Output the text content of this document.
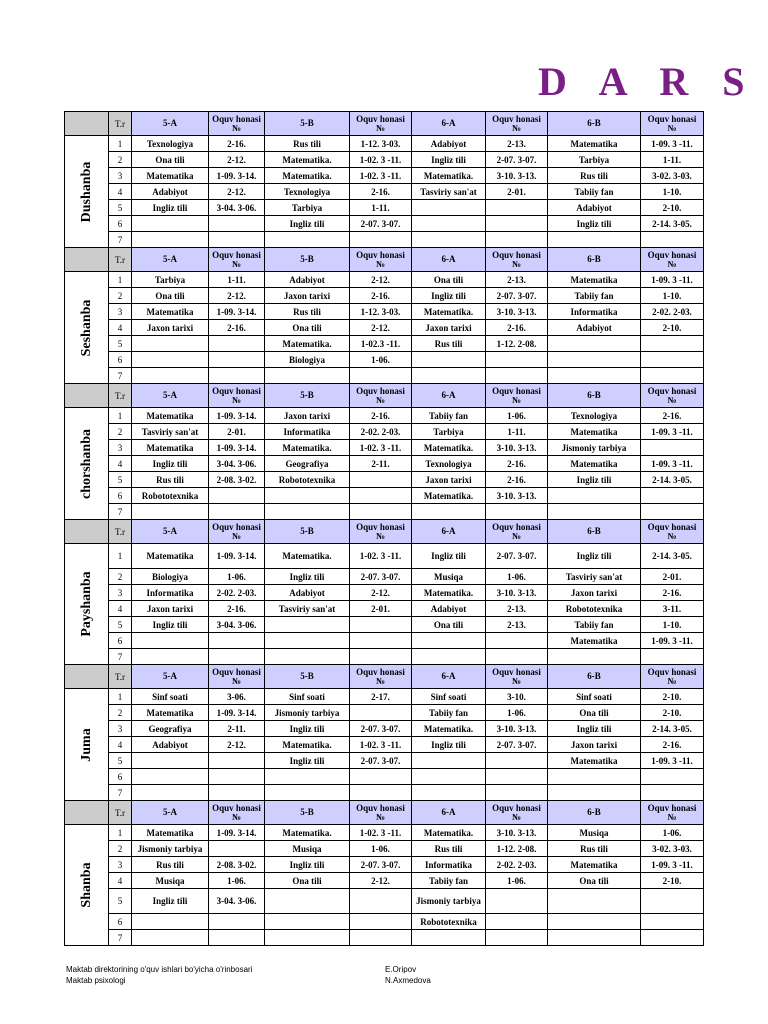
D A R S
	T.r	5-A	Oquv honasi №	5-B	Oquv honasi №	6-A	Oquv honasi №	6-B	Oquv honasi №

Dushanba	1	Texnologiya	2-16.	Rus tili	1-12. 3-03.	Adabiyot	2-13.	Matematika	1-09. 3 -11.
	2	Ona tili	2-12.	Matematika.	1-02. 3 -11.	Ingliz tili	2-07. 3-07.	Tarbiya	1-11.
	3	Matematika	1-09. 3-14.	Matematika.	1-02. 3 -11.	Matematika.	3-10. 3-13.	Rus tili	3-02. 3-03.
	4	Adabiyot	2-12.	Texnologiya	2-16.	Tasviriy san'at	2-01.	Tabiiy fan	1-10.
	5	Ingliz tili	3-04. 3-06.	Tarbiya	1-11.			Adabiyot	2-10.
	6			Ingliz tili	2-07. 3-07.			Ingliz tili	2-14. 3-05.
	7								
	T.r	5-A	Oquv honasi №	5-B	Oquv honasi №	6-A	Oquv honasi №	6-B	Oquv honasi №

Seshanba	1	Tarbiya	1-11.	Adabiyot	2-12.	Ona tili	2-13.	Matematika	1-09. 3 -11.
	2	Ona tili	2-12.	Jaxon tarixi	2-16.	Ingliz tili	2-07. 3-07.	Tabiiy fan	1-10.
	3	Matematika	1-09. 3-14.	Rus tili	1-12. 3-03.	Matematika.	3-10. 3-13.	Informatika	2-02. 2-03.
	4	Jaxon tarixi	2-16.	Ona tili	2-12.	Jaxon tarixi	2-16.	Adabiyot	2-10.
	5			Matematika.	1-02.3 -11.	Rus tili	1-12. 2-08.		
	6			Biologiya	1-06.				
	7								
	T.r	5-A	Oquv honasi №	5-B	Oquv honasi №	6-A	Oquv honasi №	6-B	Oquv honasi №

chorshanba	1	Matematika	1-09. 3-14.	Jaxon tarixi	2-16.	Tabiiy fan	1-06.	Texnologiya	2-16.
	2	Tasviriy san'at	2-01.	Informatika	2-02. 2-03.	Tarbiya	1-11.	Matematika	1-09. 3 -11.
	3	Matematika	1-09. 3-14.	Matematika.	1-02. 3 -11.	Matematika.	3-10. 3-13.	Jismoniy tarbiya	
	4	Ingliz tili	3-04. 3-06.	Geografiya	2-11.	Texnologiya	2-16.	Matematika	1-09. 3 -11.
	5	Rus tili	2-08. 3-02.	Robototexnika		Jaxon tarixi	2-16.	Ingliz tili	2-14. 3-05.
	6	Robototexnika				Matematika.	3-10. 3-13.		
	7								
	T.r	5-A	Oquv honasi №	5-B	Oquv honasi №	6-A	Oquv honasi №	6-B	Oquv honasi №

Payshanba	1	Matematika	1-09. 3-14.	Matematika.	1-02. 3 -11.	Ingliz tili	2-07. 3-07.	Ingliz tili	2-14. 3-05.
	2	Biologiya	1-06.	Ingliz tili	2-07. 3-07.	Musiqa	1-06.	Tasviriy san'at	2-01.
	3	Informatika	2-02. 2-03.	Adabiyot	2-12.	Matematika.	3-10. 3-13.	Jaxon tarixi	2-16.
	4	Jaxon tarixi	2-16.	Tasviriy san'at	2-01.	Adabiyot	2-13.	Robototexnika	3-11.
	5	Ingliz tili	3-04. 3-06.			Ona tili	2-13.	Tabiiy fan	1-10.
	6							Matematika	1-09. 3 -11.
	7								
	T.r	5-A	Oquv honasi №	5-B	Oquv honasi №	6-A	Oquv honasi №	6-B	Oquv honasi №

Juma	1	Sinf soati	3-06.	Sinf soati	2-17.	Sinf soati	3-10.	Sinf soati	2-10.
	2	Matematika	1-09. 3-14.	Jismoniy tarbiya		Tabiiy fan	1-06.	Ona tili	2-10.
	3	Geografiya	2-11.	Ingliz tili	2-07. 3-07.	Matematika.	3-10. 3-13.	Ingliz tili	2-14. 3-05.
	4	Adabiyot	2-12.	Matematika.	1-02. 3 -11.	Ingliz tili	2-07. 3-07.	Jaxon tarixi	2-16.
	5			Ingliz tili	2-07. 3-07.			Matematika	1-09. 3 -11.
	6								
	7								
	T.r	5-A	Oquv honasi №	5-B	Oquv honasi №	6-A	Oquv honasi №	6-B	Oquv honasi №

Shanba	1	Matematika	1-09. 3-14.	Matematika.	1-02. 3 -11.	Matematika.	3-10. 3-13.	Musiqa	1-06.
	2	Jismoniy tarbiya		Musiqa	1-06.	Rus tili	1-12. 2-08.	Rus tili	3-02. 3-03.
	3	Rus tili	2-08. 3-02.	Ingliz tili	2-07. 3-07.	Informatika	2-02. 2-03.	Matematika	1-09. 3 -11.
	4	Musiqa	1-06.	Ona tili	2-12.	Tabiiy fan	1-06.	Ona tili	2-10.
	5	Ingliz tili	3-04. 3-06.			Jismoniy tarbiya			
	6					Robototexnika			
	7								
Maktab direktorining o'quv ishlari bo'yicha o'rinbosari	E.Oripov
Maktab psixologi	N.Axmedova
